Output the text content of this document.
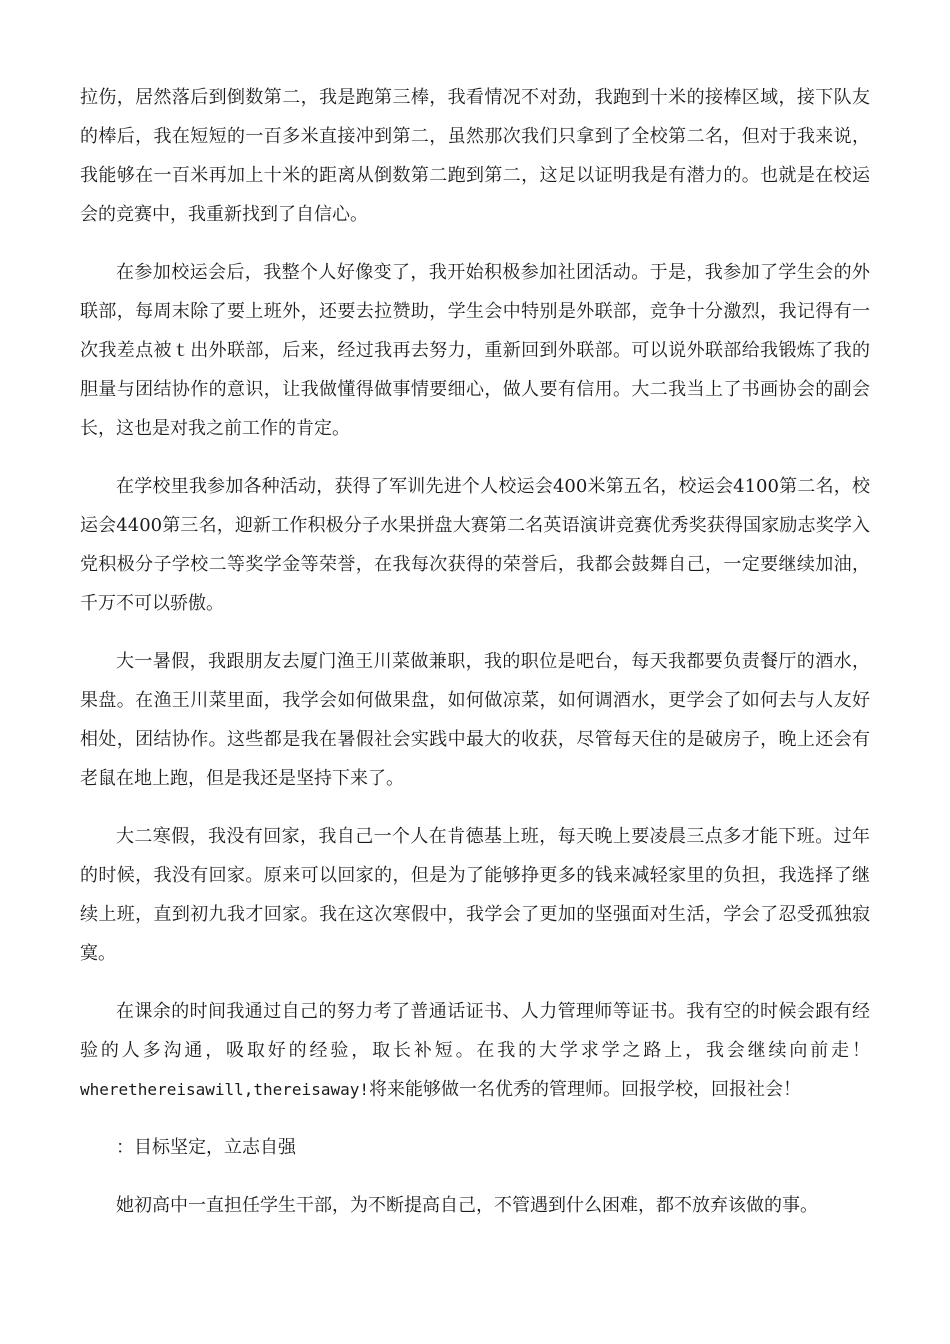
拉伤，居然落后到倒数第二，我是跑第三棒，我看情况不对劲，我跑到十米的接棒区域，接下队友的棒后，我在短短的一百多米直接冲到第二，虽然那次我们只拿到了全校第二名，但对于我来说，我能够在一百米再加上十米的距离从倒数第二跑到第二，这足以证明我是有潜力的。也就是在校运会的竞赛中，我重新找到了自信心。

在参加校运会后，我整个人好像变了，我开始积极参加社团活动。于是，我参加了学生会的外联部，每周末除了要上班外，还要去拉赞助，学生会中特别是外联部，竞争十分激烈，我记得有一次我差点被ｔ出外联部，后来，经过我再去努力，重新回到外联部。可以说外联部给我锻炼了我的胆量与团结协作的意识，让我做懂得做事情要细心，做人要有信用。大二我当上了书画协会的副会长，这也是对我之前工作的肯定。

在学校里我参加各种活动，获得了军训先进个人校运会400米第五名，校运会4100第二名，校运会4400第三名，迎新工作积极分子水果拼盘大赛第二名英语演讲竞赛优秀奖获得国家励志奖学入党积极分子学校二等奖学金等荣誉，在我每次获得的荣誉后，我都会鼓舞自己，一定要继续加油，千万不可以骄傲。

大一暑假，我跟朋友去厦门渔王川菜做兼职，我的职位是吧台，每天我都要负责餐厅的酒水，果盘。在渔王川菜里面，我学会如何做果盘，如何做凉菜，如何调酒水，更学会了如何去与人友好相处，团结协作。这些都是我在暑假社会实践中最大的收获，尽管每天住的是破房子，晚上还会有老鼠在地上跑，但是我还是坚持下来了。

大二寒假，我没有回家，我自己一个人在肯德基上班，每天晚上要凌晨三点多才能下班。过年的时候，我没有回家。原来可以回家的，但是为了能够挣更多的钱来减轻家里的负担，我选择了继续上班，直到初九我才回家。我在这次寒假中，我学会了更加的坚强面对生活，学会了忍受孤独寂寞。

在课余的时间我通过自己的努力考了普通话证书、人力管理师等证书。我有空的时候会跟有经验的人多沟通，吸取好的经验，取长补短。在我的大学求学之路上，我会继续向前走！wherethereisawill,thereisaway!将来能够做一名优秀的管理师。回报学校，回报社会！

：目标坚定，立志自强

她初高中一直担任学生干部，为不断提高自己，不管遇到什么困难，都不放弃该做的事。
